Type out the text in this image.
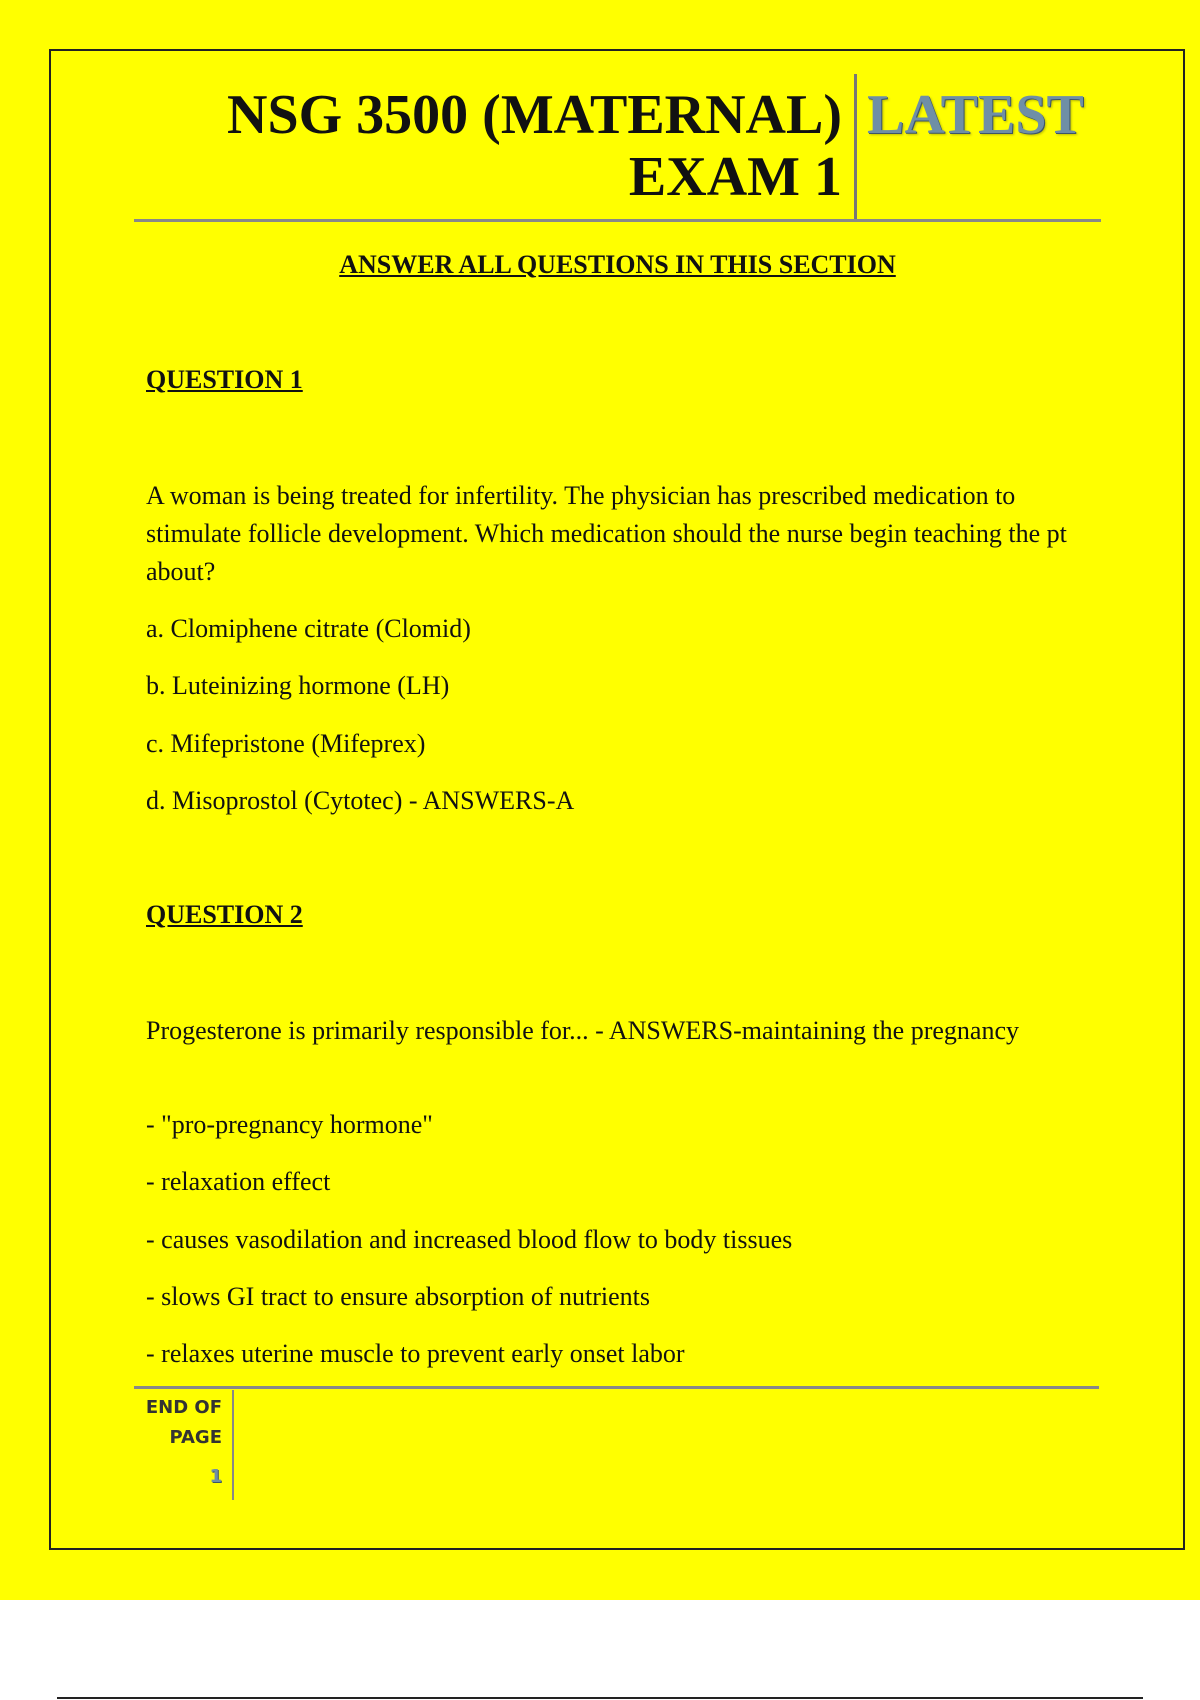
NSG 3500 (MATERNAL)
EXAM 1
LATEST
ANSWER ALL QUESTIONS IN THIS SECTION
QUESTION 1
A woman is being treated for infertility. The physician has prescribed medication to stimulate follicle development. Which medication should the nurse begin teaching the pt about?
a. Clomiphene citrate (Clomid)
b. Luteinizing hormone (LH)
c. Mifepristone (Mifeprex)
d. Misoprostol (Cytotec) - ANSWERS-A
QUESTION 2
Progesterone is primarily responsible for... - ANSWERS-maintaining the pregnancy
- "pro-pregnancy hormone"
- relaxation effect
- causes vasodilation and increased blood flow to body tissues
- slows GI tract to ensure absorption of nutrients
- relaxes uterine muscle to prevent early onset labor
END OF
PAGE
1
